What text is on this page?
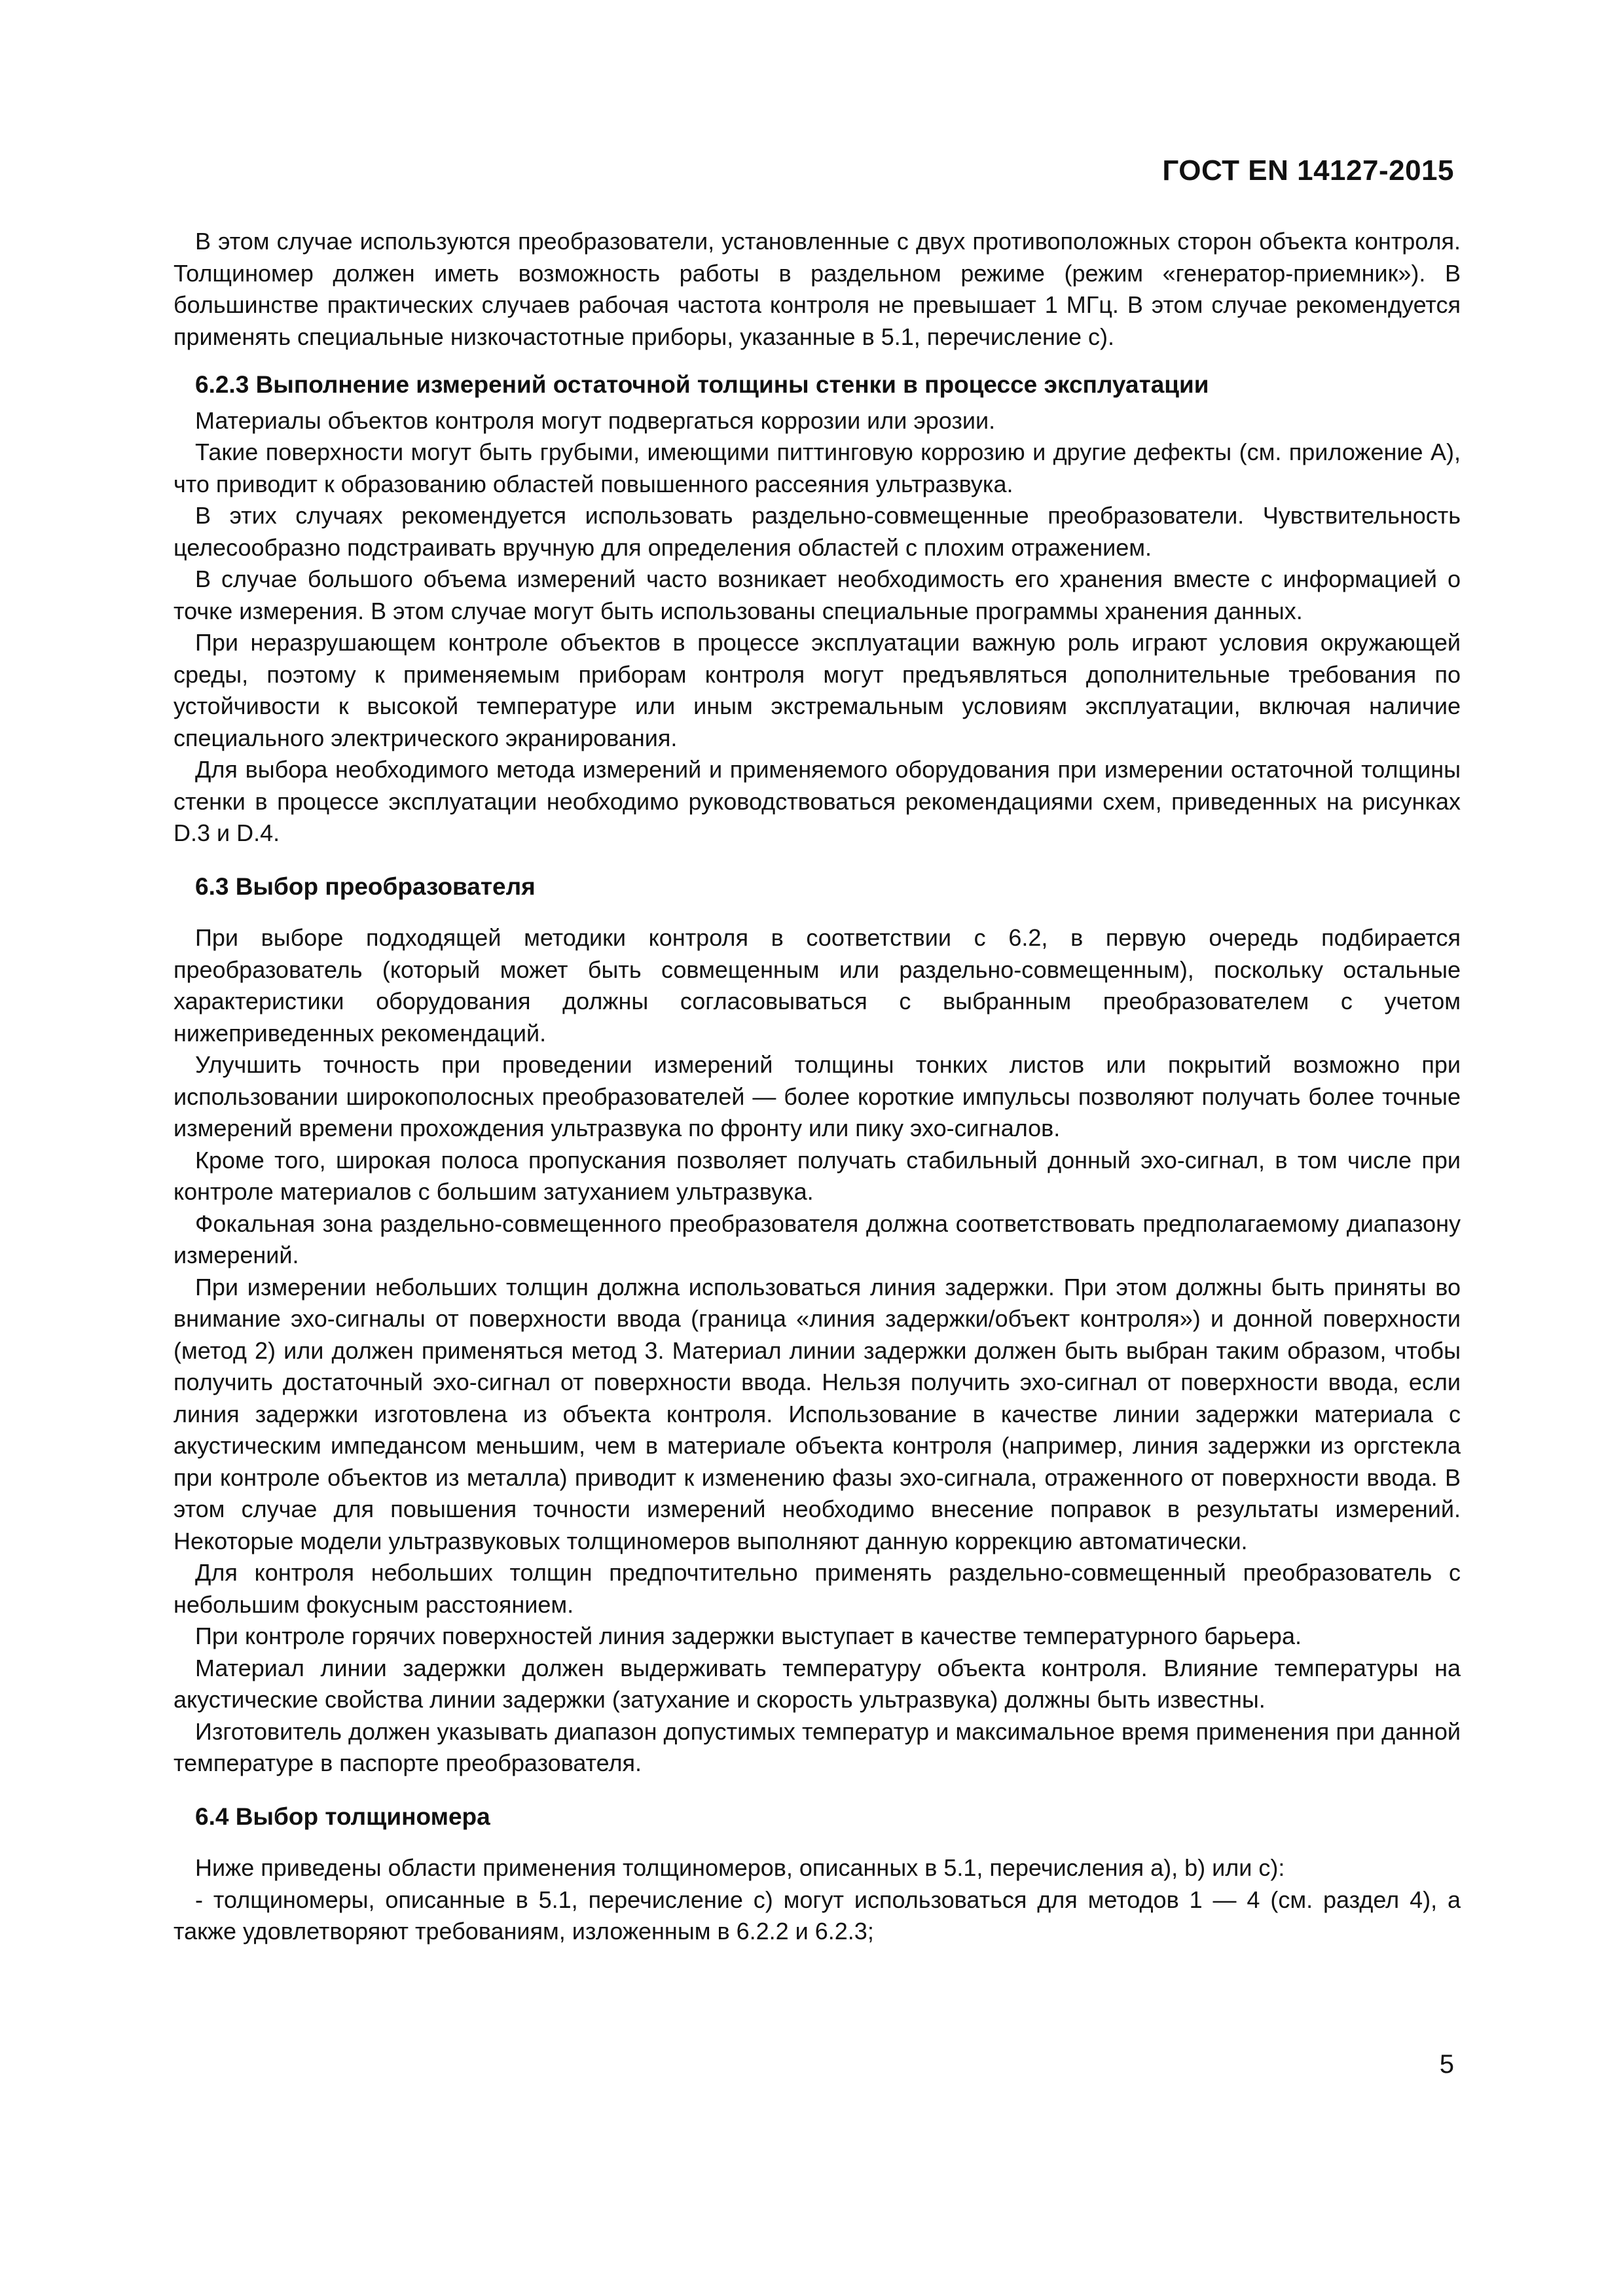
ГОСТ EN 14127-2015

В этом случае используются преобразователи, установленные с двух противоположных сторон объекта контроля. Толщиномер должен иметь возможность работы в раздельном режиме (режим «генератор-приемник»). В большинстве практических случаев рабочая частота контроля не превышает 1 МГц. В этом случае рекомендуется применять специальные низкочастотные приборы, указанные в 5.1, перечисление с).

6.2.3 Выполнение измерений остаточной толщины стенки в процессе эксплуатации

Материалы объектов контроля могут подвергаться коррозии или эрозии.

Такие поверхности могут быть грубыми, имеющими питтинговую коррозию и другие дефекты (см. приложение А), что приводит к образованию областей повышенного рассеяния ультразвука.

В этих случаях рекомендуется использовать раздельно-совмещенные преобразователи. Чувствительность целесообразно подстраивать вручную для определения областей с плохим отражением.

В случае большого объема измерений часто возникает необходимость его хранения вместе с информацией о точке измерения. В этом случае могут быть использованы специальные программы хранения данных.

При неразрушающем контроле объектов в процессе эксплуатации важную роль играют условия окружающей среды, поэтому к применяемым приборам контроля могут предъявляться дополнительные требования по устойчивости к высокой температуре или иным экстремальным условиям эксплуатации, включая наличие специального электрического экранирования.

Для выбора необходимого метода измерений и применяемого оборудования при измерении остаточной толщины стенки в процессе эксплуатации необходимо руководствоваться рекомендациями схем, приведенных на рисунках D.3 и D.4.

6.3 Выбор преобразователя

При выборе подходящей методики контроля в соответствии с 6.2, в первую очередь подбирается преобразователь (который может быть совмещенным или раздельно-совмещенным), поскольку остальные характеристики оборудования должны согласовываться с выбранным преобразователем с учетом нижеприведенных рекомендаций.

Улучшить точность при проведении измерений толщины тонких листов или покрытий возможно при использовании широкополосных преобразователей — более короткие импульсы позволяют получать более точные измерений времени прохождения ультразвука по фронту или пику эхо-сигналов.

Кроме того, широкая полоса пропускания позволяет получать стабильный донный эхо-сигнал, в том числе при контроле материалов с большим затуханием ультразвука.

Фокальная зона раздельно-совмещенного преобразователя должна соответствовать предполагаемому диапазону измерений.

При измерении небольших толщин должна использоваться линия задержки. При этом должны быть приняты во внимание эхо-сигналы от поверхности ввода (граница «линия задержки/объект контроля») и донной поверхности (метод 2) или должен применяться метод 3. Материал линии задержки должен быть выбран таким образом, чтобы получить достаточный эхо-сигнал от поверхности ввода. Нельзя получить эхо-сигнал от поверхности ввода, если линия задержки изготовлена из объекта контроля. Использование в качестве линии задержки материала с акустическим импедансом меньшим, чем в материале объекта контроля (например, линия задержки из оргстекла при контроле объектов из металла) приводит к изменению фазы эхо-сигнала, отраженного от поверхности ввода. В этом случае для повышения точности измерений необходимо внесение поправок в результаты измерений. Некоторые модели ультразвуковых толщиномеров выполняют данную коррекцию автоматически.

Для контроля небольших толщин предпочтительно применять раздельно-совмещенный преобразователь с небольшим фокусным расстоянием.

При контроле горячих поверхностей линия задержки выступает в качестве температурного барьера.

Материал линии задержки должен выдерживать температуру объекта контроля. Влияние температуры на акустические свойства линии задержки (затухание и скорость ультразвука) должны быть известны.

Изготовитель должен указывать диапазон допустимых температур и максимальное время применения при данной температуре в паспорте преобразователя.

6.4 Выбор толщиномера

Ниже приведены области применения толщиномеров, описанных в 5.1, перечисления a), b) или c):

- толщиномеры, описанные в 5.1, перечисление c) могут использоваться для методов 1 — 4 (см. раздел 4), а также удовлетворяют требованиям, изложенным в 6.2.2 и 6.2.3;

5
